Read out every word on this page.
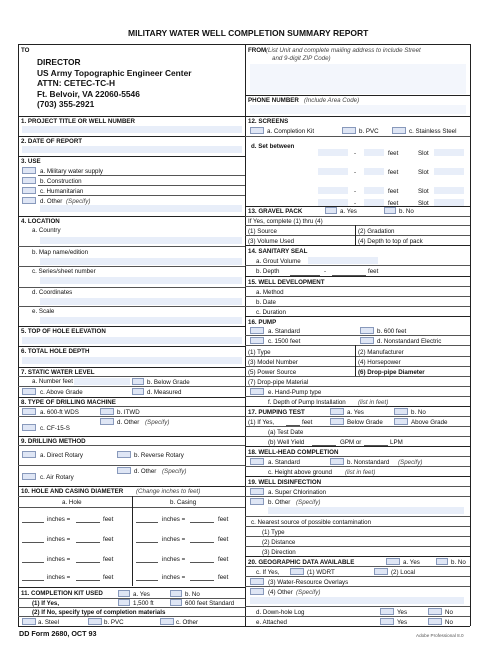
MILITARY WATER WELL COMPLETION SUMMARY REPORT
TO
DIRECTOR
US Army Topographic Engineer Center
ATTN: CETEC-TC-H
Ft. Belvoir, VA 22060-5546
(703) 355-2921
FROM (List Unit and complete mailing address to include Street
and 9-digit ZIP Code)
PHONE NUMBER (Include Area Code)
1. PROJECT TITLE OR WELL NUMBER
2. DATE OF REPORT
3. USE
a. Military water supply
b. Construction
c. Humanitarian
d. Other (Specify)
4. LOCATION
a. Country
b. Map name/edition
c. Series/sheet number
d. Coordinates
e. Scale
5. TOP OF HOLE ELEVATION
6. TOTAL HOLE DEPTH
7. STATIC WATER LEVEL
a. Number feet	b. Below Grade
c. Above Grade	d. Measured
8. TYPE OF DRILLING MACHINE
a. 600-ft WDS	b. ITWD
d. Other (Specify)
c. CF-15-S
9. DRILLING METHOD
a. Direct Rotary	b. Reverse Rotary
c. Air Rotary
d. Other (Specify)
10. HOLE AND CASING DIAMETER (Change inches to feet)
a. Hole	b. Casing
inches =	feet	inches =	feet
inches =	feet	inches =	feet
inches =	feet	inches =	feet
inches =	feet	inches =	feet
11. COMPLETION KIT USED	a. Yes	b. No
(1) If Yes,	1,500 ft	600 feet Standard
(2) If No, specify type of completion materials
a. Steel	b. PVC	c. Other
12. SCREENS
a. Completion Kit	b. PVC	c. Stainless Steel
d. Set between
-	feet	Slot
-	feet	Slot
-	feet	Slot
-	feet	Slot
13. GRAVEL PACK	a. Yes	b. No
If Yes, complete (1) thru (4)
(1) Source	(2) Gradation
(3) Volume Used	(4) Depth to top of pack
14. SANITARY SEAL
a. Grout Volume
b. Depth	-	feet
15. WELL DEVELOPMENT
a. Method
b. Date
c. Duration
16. PUMP
a. Standard	b. 600 feet
c. 1500 feet	d. Nonstandard Electric
(1) Type	(2) Manufacturer
(3) Model Number	(4) Horsepower
(5) Power Source	(6) Drop-pipe Diameter
(7) Drop-pipe Material
e. Hand-Pump type
f. Depth of Pump Installation (list in feet)
17. PUMPING TEST	a. Yes	b. No
(1) If Yes,	feet	Below Grade	Above Grade
(a) Test Date
(b) Well Yield	GPM or	LPM
18. WELL-HEAD COMPLETION
a. Standard	b. Nonstandard (Specify)
c. Height above ground (list in feet)
19. WELL DISINFECTION
a. Super Chlorination
b. Other (Specify)
c. Nearest source of possible contamination
(1) Type
(2) Distance
(3) Direction
20. GEOGRAPHIC DATA AVAILABLE	a. Yes	b. No
c. If Yes,	(1) WDRT	(2) Local
(3) Water-Resource Overlays
(4) Other (Specify)
d. Down-hole Log	Yes	No
e. Attached	Yes	No
DD Form 2680, OCT 93	Adobe Professional 8.0
